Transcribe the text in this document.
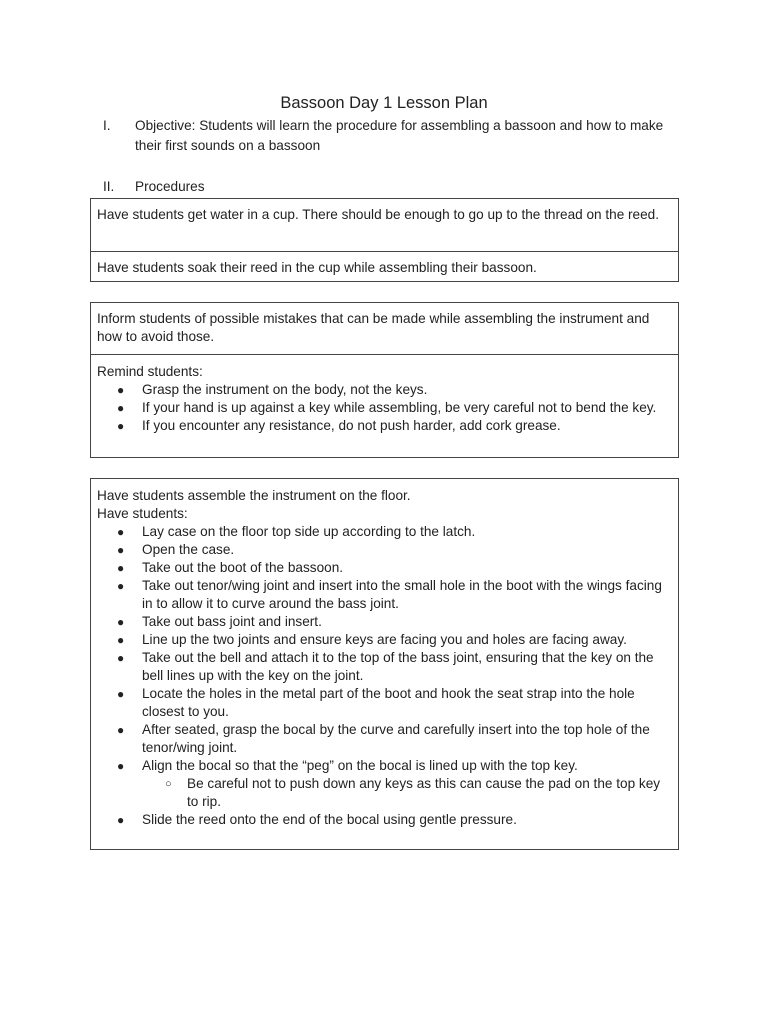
Bassoon Day 1 Lesson Plan
I. Objective: Students will learn the procedure for assembling a bassoon and how to make their first sounds on a bassoon
II. Procedures
Have students get water in a cup. There should be enough to go up to the thread on the reed.
Have students soak their reed in the cup while assembling their bassoon.
Inform students of possible mistakes that can be made while assembling the instrument and how to avoid those.
Remind students:
● Grasp the instrument on the body, not the keys.
● If your hand is up against a key while assembling, be very careful not to bend the key.
● If you encounter any resistance, do not push harder, add cork grease.
Have students assemble the instrument on the floor.
Have students:
● Lay case on the floor top side up according to the latch.
● Open the case.
● Take out the boot of the bassoon.
● Take out tenor/wing joint and insert into the small hole in the boot with the wings facing in to allow it to curve around the bass joint.
● Take out bass joint and insert.
● Line up the two joints and ensure keys are facing you and holes are facing away.
● Take out the bell and attach it to the top of the bass joint, ensuring that the key on the bell lines up with the key on the joint.
● Locate the holes in the metal part of the boot and hook the seat strap into the hole closest to you.
● After seated, grasp the bocal by the curve and carefully insert into the top hole of the tenor/wing joint.
● Align the bocal so that the “peg” on the bocal is lined up with the top key.
○ Be careful not to push down any keys as this can cause the pad on the top key to rip.
● Slide the reed onto the end of the bocal using gentle pressure.
